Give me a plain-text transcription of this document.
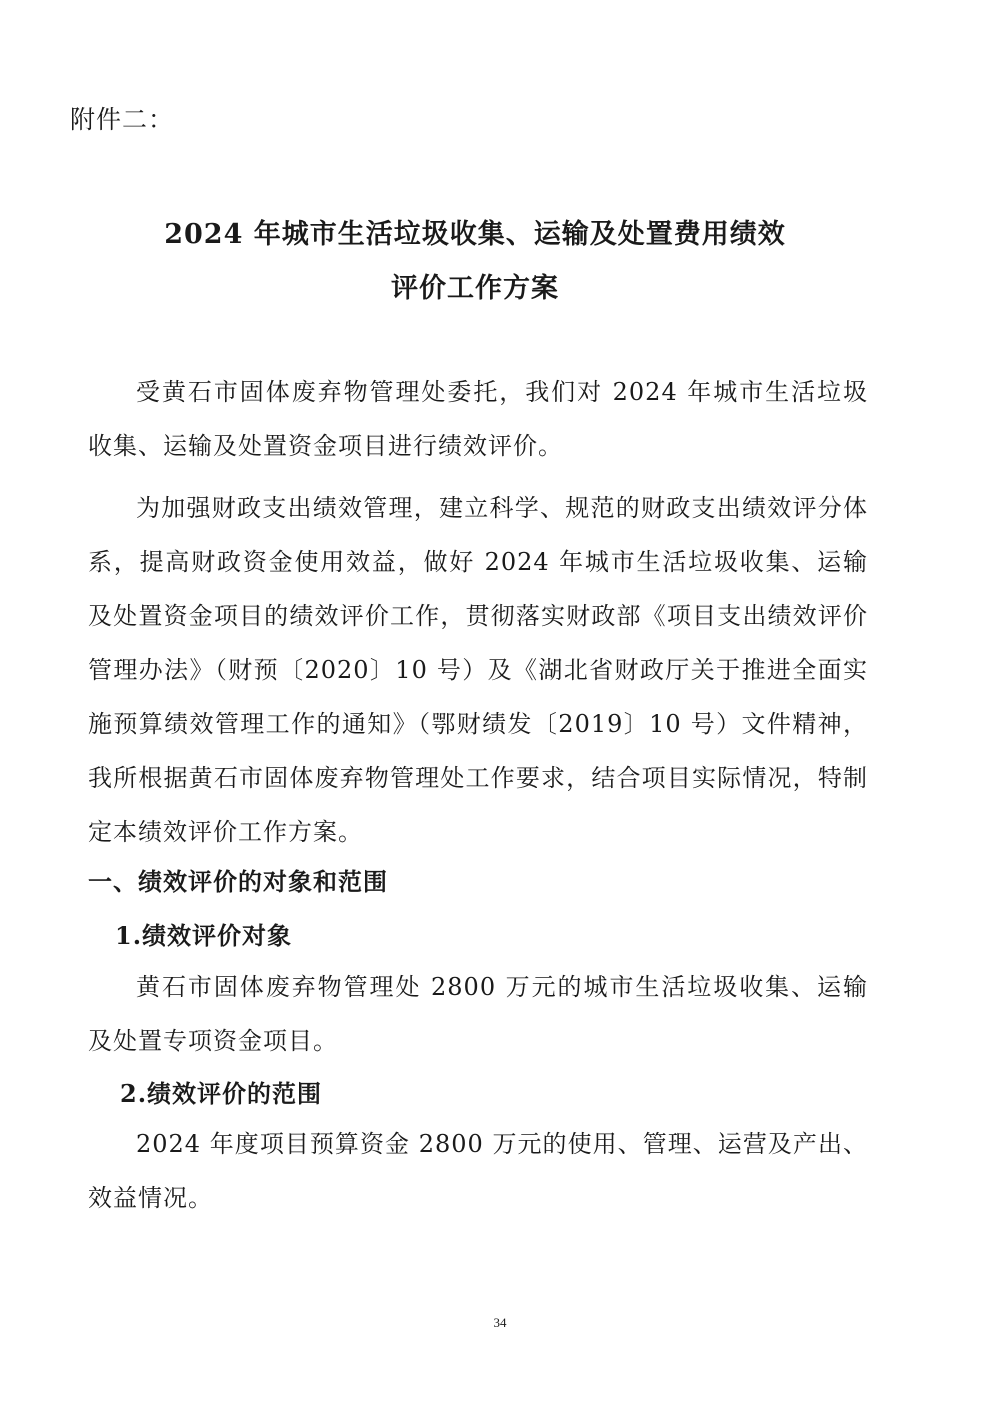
附件二：
2024 年城市生活垃圾收集、运输及处置费用绩效
评价工作方案
受黄石市固体废弃物管理处委托，我们对 2024 年城市生活垃圾收集、运输及处置资金项目进行绩效评价。
为加强财政支出绩效管理，建立科学、规范的财政支出绩效评分体系，提高财政资金使用效益，做好 2024 年城市生活垃圾收集、运输及处置资金项目的绩效评价工作，贯彻落实财政部《项目支出绩效评价管理办法》（财预〔2020〕10 号）及《湖北省财政厅关于推进全面实施预算绩效管理工作的通知》（鄂财绩发〔2019〕10 号）文件精神，我所根据黄石市固体废弃物管理处工作要求，结合项目实际情况，特制定本绩效评价工作方案。
一、绩效评价的对象和范围
1.绩效评价对象
黄石市固体废弃物管理处 2800 万元的城市生活垃圾收集、运输及处置专项资金项目。
2.绩效评价的范围
2024 年度项目预算资金 2800 万元的使用、管理、运营及产出、效益情况。
34
